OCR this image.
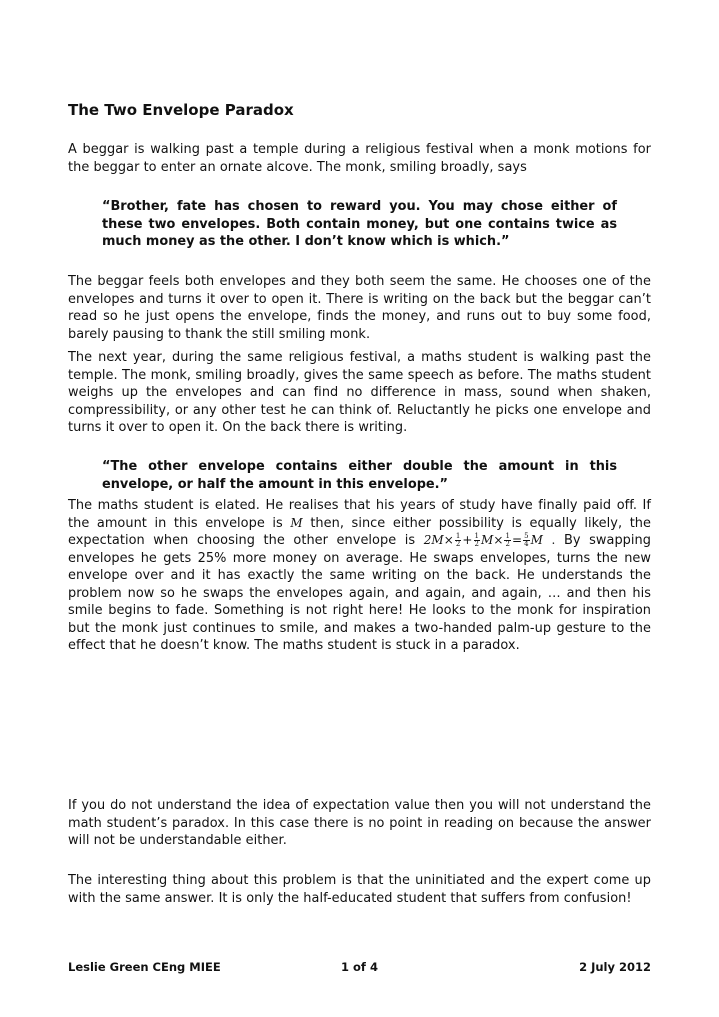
The Two Envelope Paradox

A beggar is walking past a temple during a religious festival when a monk motions for the beggar to enter an ornate alcove. The monk, smiling broadly, says

“Brother, fate has chosen to reward you. You may chose either of these two envelopes. Both contain money, but one contains twice as much money as the other. I don’t know which is which.”

The beggar feels both envelopes and they both seem the same. He chooses one of the envelopes and turns it over to open it. There is writing on the back but the beggar can’t read so he just opens the envelope, finds the money, and runs out to buy some food, barely pausing to thank the still smiling monk.

The next year, during the same religious festival, a maths student is walking past the temple. The monk, smiling broadly, gives the same speech as before. The maths student weighs up the envelopes and can find no difference in mass, sound when shaken, compressibility, or any other test he can think of. Reluctantly he picks one envelope and turns it over to open it. On the back there is writing.

“The other envelope contains either double the amount in this envelope, or half the amount in this envelope.”

The maths student is elated. He realises that his years of study have finally paid off. If the amount in this envelope is M then, since either possibility is equally likely, the expectation when choosing the other envelope is $2M\times \frac{1}{2} + \frac{1}{2} M\times \frac{1}{2} = \frac{5}{4}$ M . By swapping envelopes he gets 25% more money on average. He swaps envelopes, turns the new envelope over and it has exactly the same writing on the back. He understands the problem now so he swaps the envelopes again, and again, and again, … and then his smile begins to fade. Something is not right here! He looks to the monk for inspiration but the monk just continues to smile, and makes a two-handed palm-up gesture to the effect that he doesn’t know. The maths student is stuck in a paradox.

If you do not understand the idea of expectation value then you will not understand the math student’s paradox. In this case there is no point in reading on because the answer will not be understandable either.

The interesting thing about this problem is that the uninitiated and the expert come up with the same answer. It is only the half-educated student that suffers from confusion!

Leslie Green CEng MIEE	1 of 4	2 July 2012
